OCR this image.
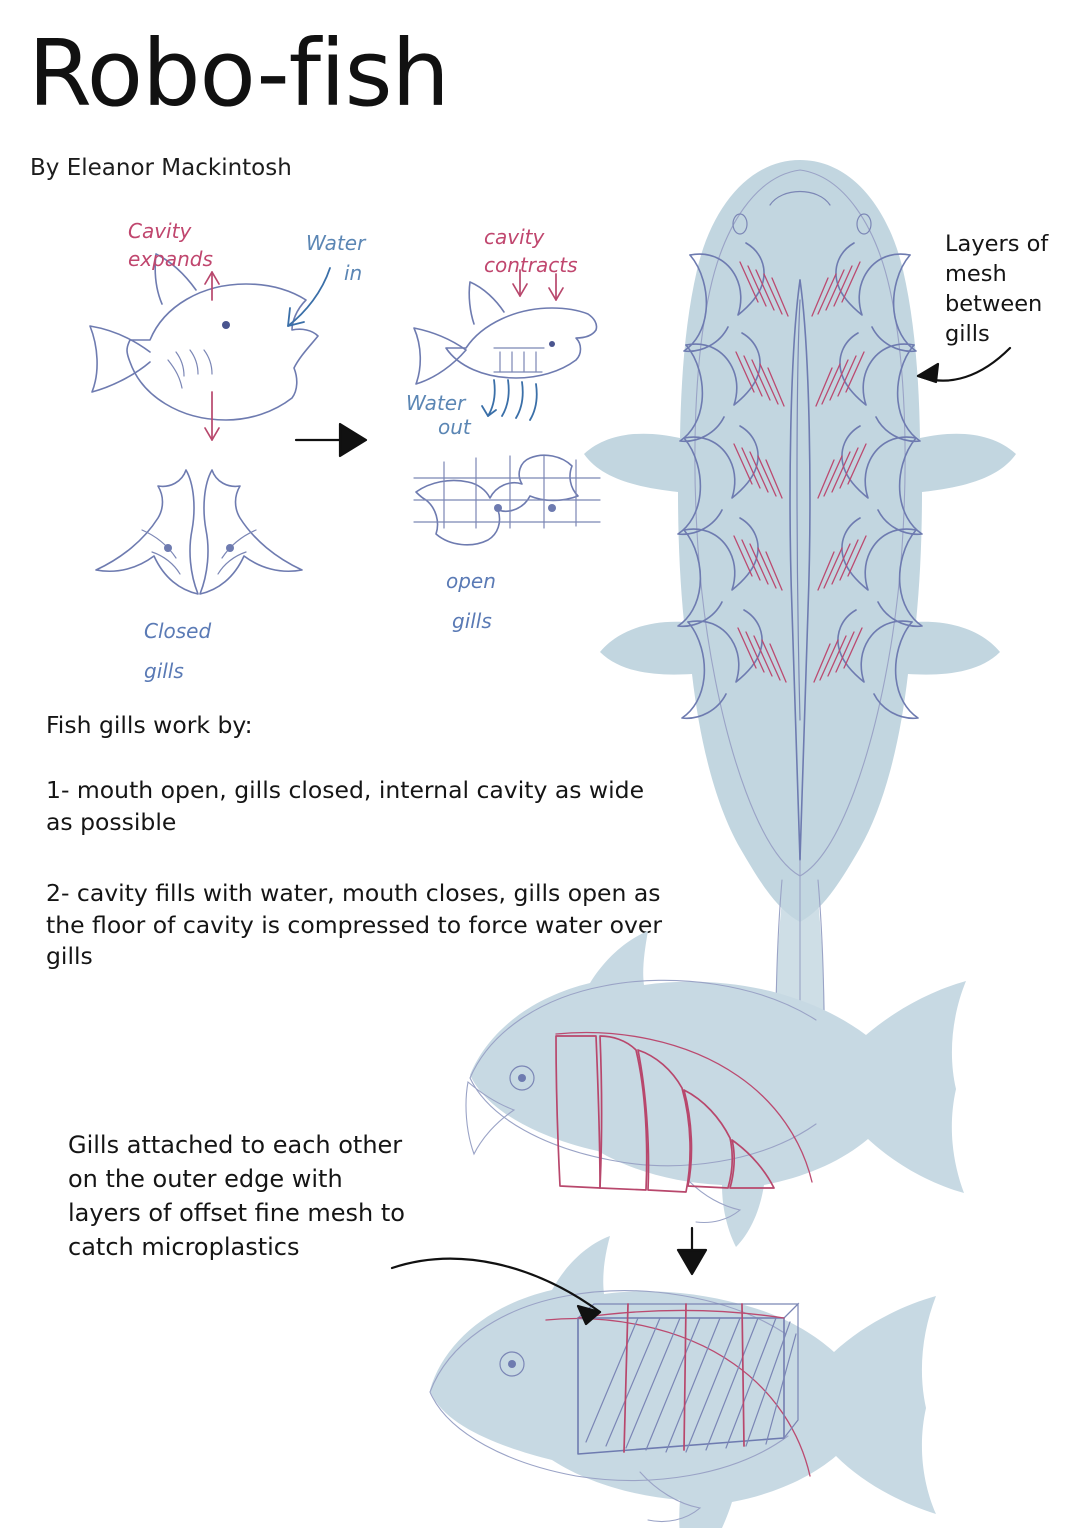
Robo-fish
By Eleanor Mackintosh
Fish gills work by:
1- mouth open, gills closed, internal cavity as wide as possible
2- cavity fills with water, mouth closes, gills open as the floor of cavity is compressed to force water over gills
Layers of mesh between gills
Gills attached to each other on the outer edge with layers of offset fine mesh to catch microplastics
Cavity
expands
Water
in
Closed
gills
cavity
contracts
Water
out
open
gills
